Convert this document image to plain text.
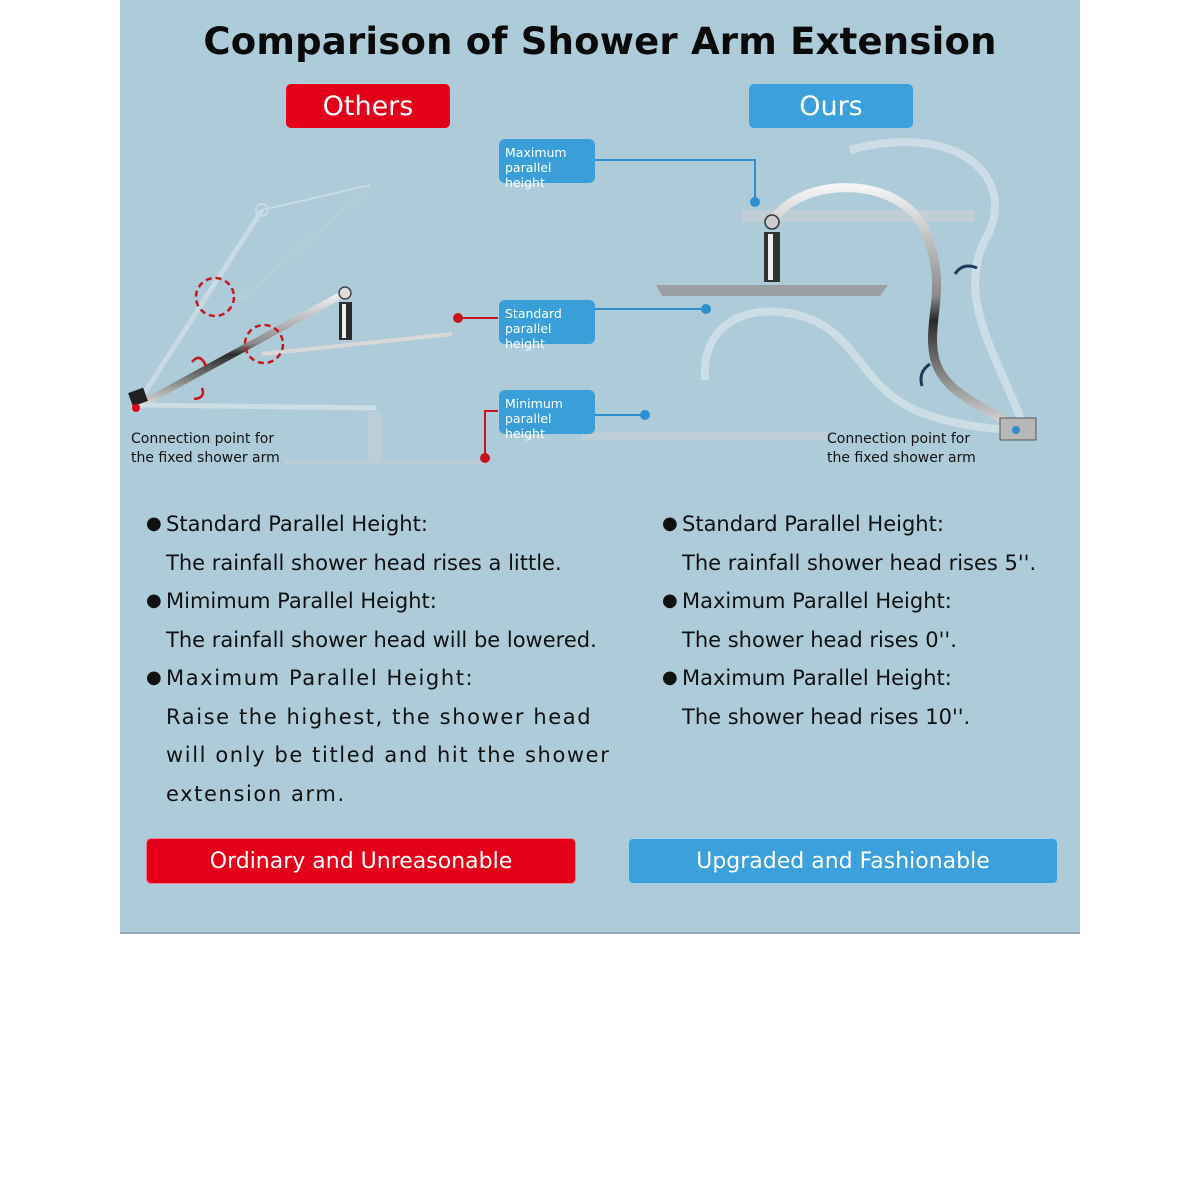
Comparison of Shower Arm Extension
Others	Ours
Maximum
parallel height
Standard
parallel height
Minimum
parallel height
Connection point for
the fixed shower arm
Connection point for
the fixed shower arm
● Standard Parallel Height:
The rainfall shower head rises a little.
● Mimimum Parallel Height:
The rainfall shower head will be lowered.
● Maximum Parallel Height:
Raise the highest, the shower head
will only be titled and hit the shower
extension arm.
● Standard Parallel Height:
The rainfall shower head rises 5''.
● Maximum Parallel Height:
The shower head rises 0''.
● Maximum Parallel Height:
The shower head rises 10''.
Ordinary and Unreasonable	Upgraded and Fashionable
